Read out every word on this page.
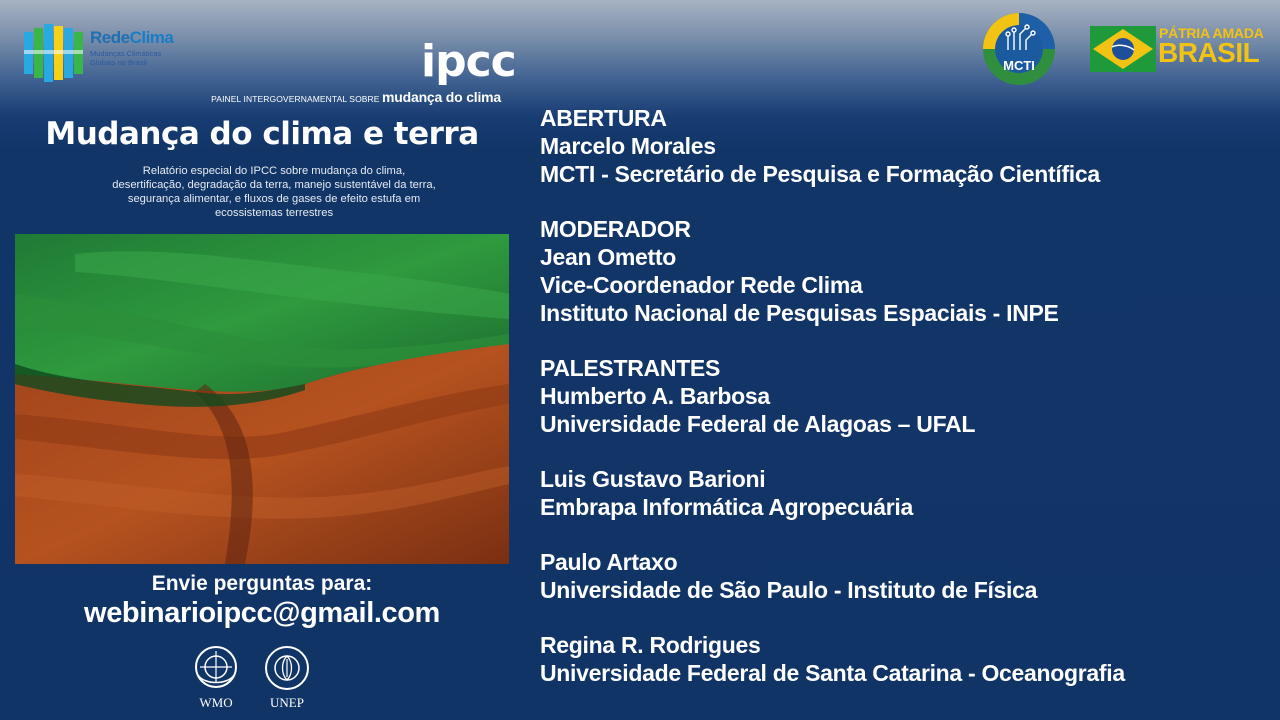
RedeClima
Mudanças Climáticas
Globais no Brasil	ipcc
PAINEL INTERGOVERNAMENTAL SOBRE mudança do clima
Mudança do clima e terra
Relatório especial do IPCC sobre mudança do clima, desertificação, degradação da terra, manejo sustentável da terra, segurança alimentar, e fluxos de gases de efeito estufa em ecossistemas terrestres
Envie perguntas para:
webinarioipcc@gmail.com
WMO	UNEP
MCTI
PÁTRIA AMADA
BRASIL
ABERTURA
Marcelo Morales
MCTI - Secretário de Pesquisa e Formação Científica
MODERADOR
Jean Ometto
Vice-Coordenador Rede Clima
Instituto Nacional de Pesquisas Espaciais - INPE
PALESTRANTES
Humberto A. Barbosa
Universidade Federal de Alagoas – UFAL
Luis Gustavo Barioni
Embrapa Informática Agropecuária
Paulo Artaxo
Universidade de São Paulo - Instituto de Física
Regina R. Rodrigues
Universidade Federal de Santa Catarina - Oceanografia
